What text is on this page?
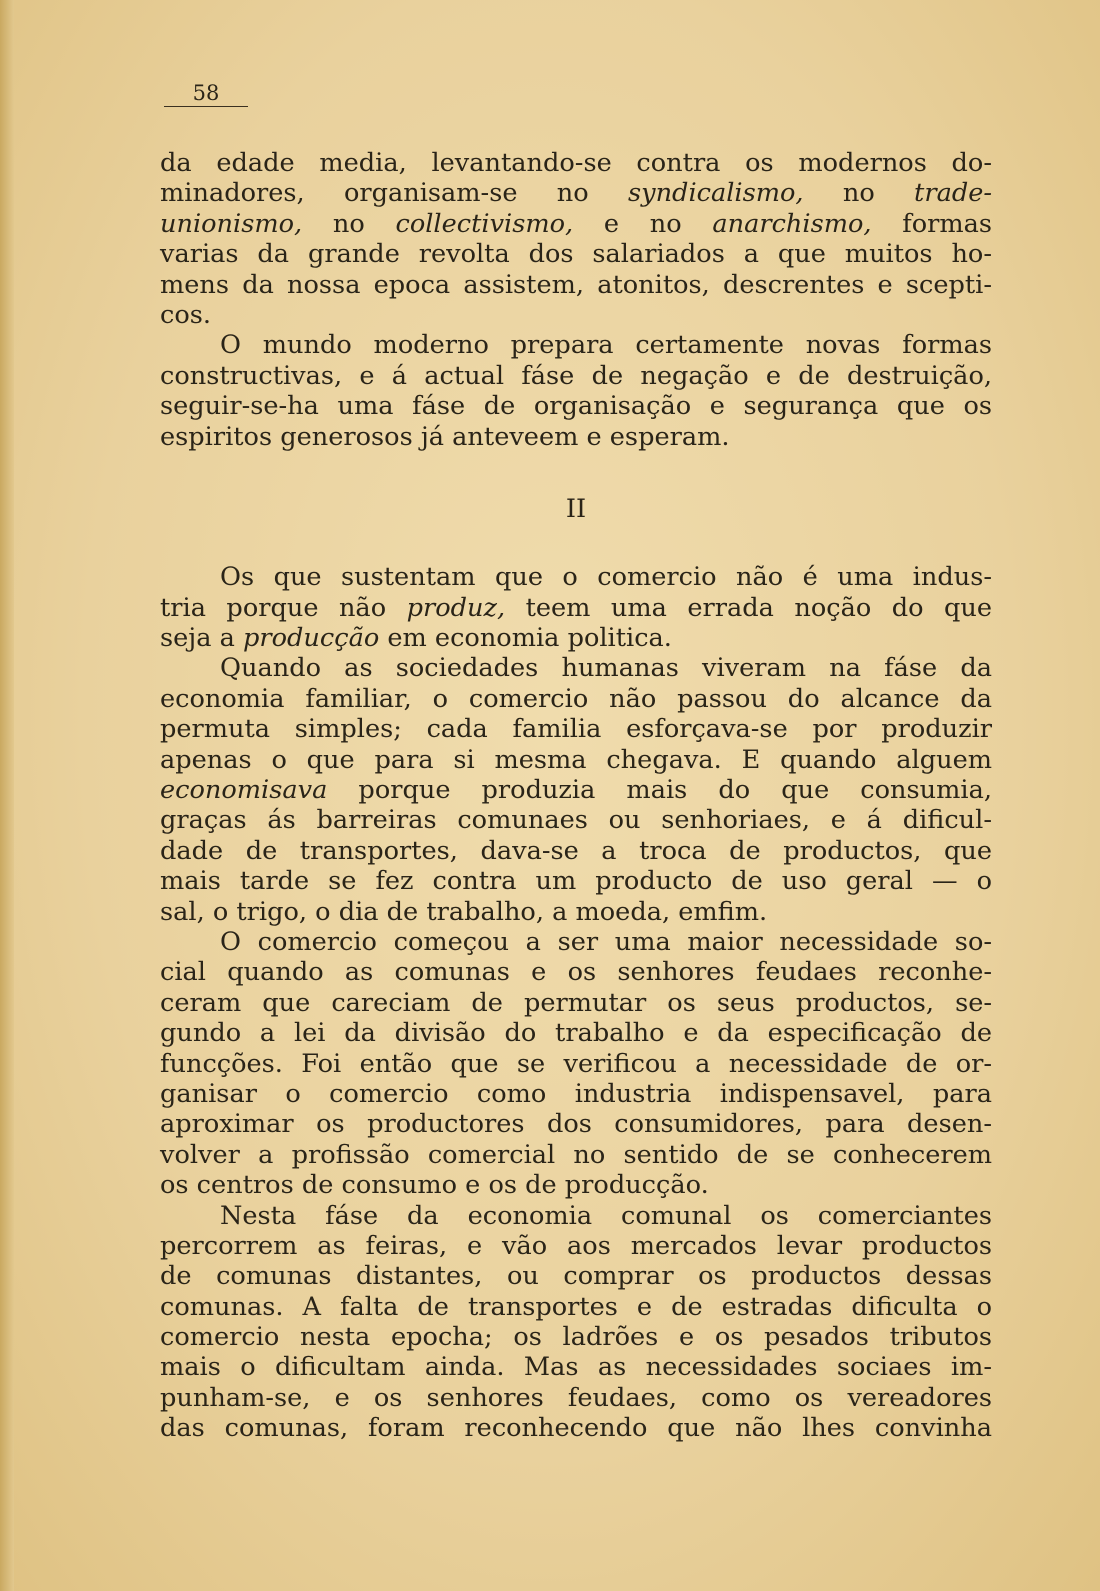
58
da edade media, levantando-se contra os modernos do-
minadores, organisam-se no syndicalismo, no trade-
unionismo, no collectivismo, e no anarchismo, formas
varias da grande revolta dos salariados a que muitos ho-
mens da nossa epoca assistem, atonitos, descrentes e scepti-
cos.
O mundo moderno prepara certamente novas formas
constructivas, e á actual fáse de negação e de destruição,
seguir-se-ha uma fáse de organisação e segurança que os
espiritos generosos já anteveem e esperam.
II
Os que sustentam que o comercio não é uma indus-
tria porque não produz, teem uma errada noção do que
seja a producção em economia politica.
Quando as sociedades humanas viveram na fáse da
economia familiar, o comercio não passou do alcance da
permuta simples; cada familia esforçava-se por produzir
apenas o que para si mesma chegava. E quando alguem
economisava porque produzia mais do que consumia,
graças ás barreiras comunaes ou senhoriaes, e á dificul-
dade de transportes, dava-se a troca de productos, que
mais tarde se fez contra um producto de uso geral — o
sal, o trigo, o dia de trabalho, a moeda, emfim.
O comercio começou a ser uma maior necessidade so-
cial quando as comunas e os senhores feudaes reconhe-
ceram que careciam de permutar os seus productos, se-
gundo a lei da divisão do trabalho e da especificação de
funcções. Foi então que se verificou a necessidade de or-
ganisar o comercio como industria indispensavel, para
aproximar os productores dos consumidores, para desen-
volver a profissão comercial no sentido de se conhecerem
os centros de consumo e os de producção.
Nesta fáse da economia comunal os comerciantes
percorrem as feiras, e vão aos mercados levar productos
de comunas distantes, ou comprar os productos dessas
comunas. A falta de transportes e de estradas dificulta o
comercio nesta epocha; os ladrões e os pesados tributos
mais o dificultam ainda. Mas as necessidades sociaes im-
punham-se, e os senhores feudaes, como os vereadores
das comunas, foram reconhecendo que não lhes convinha
